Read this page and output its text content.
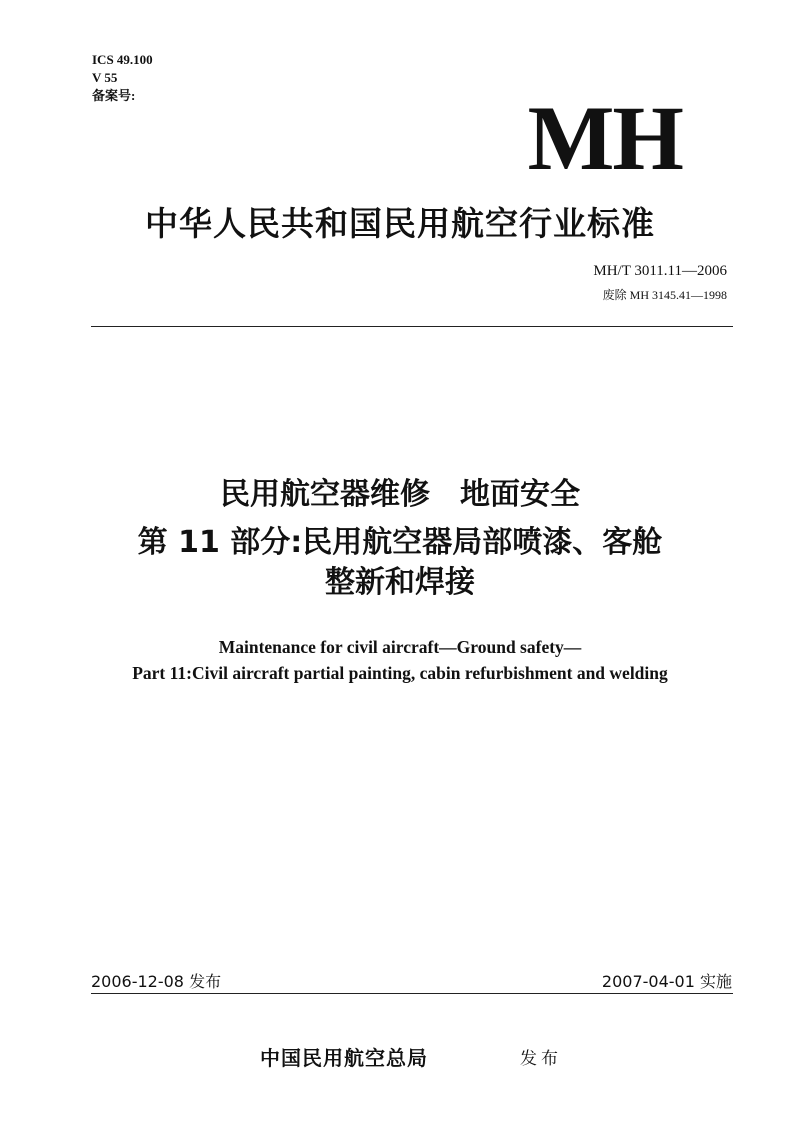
ICS 49.100
V 55
备案号:	MH
中华人民共和国民用航空行业标准
MH/T 3011.11—2006
废除 MH 3145.41—1998
民用航空器维修　地面安全
第 11 部分:民用航空器局部喷漆、客舱
整新和焊接
Maintenance for civil aircraft—Ground safety—
Part 11:Civil aircraft partial painting, cabin refurbishment and welding
2006-12-08 发布	2007-04-01 实施
中国民用航空总局	发布
